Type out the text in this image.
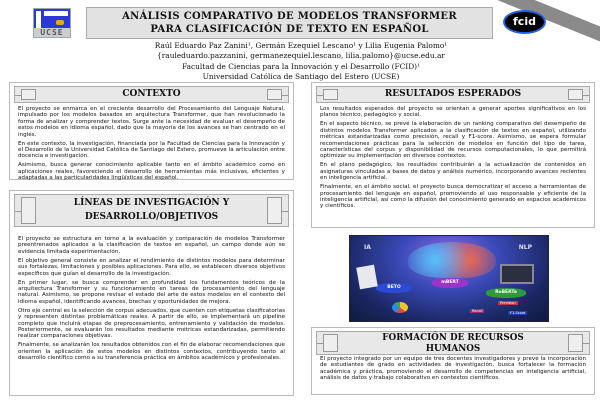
UCSE
ANÁLISIS COMPARATIVO DE MODELOS TRANSFORMER
PARA CLASIFICACIÓN DE TEXTO EN ESPAÑOL
fcid
Raúl Eduardo Paz Zanini¹, Germán Ezequiel Lescano¹ y Lilia Eugenia Palomo¹
{rauleduardo.pazzanini, germanezequiel.lescano, lilia.palomo}@ucse.edu.ar
Facultad de Ciencias para la Innovación y el Desarrollo (FCID)¹
Universidad Católica de Santiago del Estero (UCSE)
CONTEXTO

El proyecto se enmarca en el creciente desarrollo del Procesamiento del Lenguaje Natural, impulsado por los modelos basados en arquitectura Transformer, que han revolucionado la forma de analizar y comprender textos. Surge ante la necesidad de evaluar el desempeño de estos modelos en idioma español, dado que la mayoría de los avances se han centrado en el inglés.

En este contexto, la investigación, financiada por la Facultad de Ciencias para la Innovación y el Desarrollo de la Universidad Católica de Santiago del Estero, promueve la articulación entre docencia e investigación.

Asimismo, busca generar conocimiento aplicable tanto en el ámbito académico como en aplicaciones reales, favoreciendo el desarrollo de herramientas más inclusivas, eficientes y adaptadas a las particularidades lingüísticas del español.

LÍNEAS DE INVESTIGACIÓN Y
DESARROLLO/OBJETIVOS

El proyecto se estructura en torno a la evaluación y comparación de modelos Transformer preentrenados aplicados a la clasificación de textos en español, un campo donde aún se evidencia limitada experimentación.

El objetivo general consiste en analizar el rendimiento de distintos modelos para determinar sus fortalezas, limitaciones y posibles aplicaciones. Para ello, se establecen diversos objetivos específicos que guían el desarrollo de la investigación.

En primer lugar, se busca comprender en profundidad los fundamentos teóricos de la arquitectura Transformer y su funcionamiento en tareas de procesamiento del lenguaje natural. Asimismo, se propone revisar el estado del arte de estos modelos en el contexto del idioma español, identificando avances, brechas y oportunidades de mejora.

Otro eje central es la selección de corpus adecuados, que cuenten con etiquetas clasificatorias y representen distintas problemáticas reales. A partir de ello, se implementará un pipeline completo que incluirá etapas de preprocesamiento, entrenamiento y validación de modelos. Posteriormente, se evaluarán los resultados mediante métricas estandarizadas, permitiendo realizar comparaciones objetivas.

Finalmente, se analizarán los resultados obtenidos con el fin de elaborar recomendaciones que orienten la aplicación de estos modelos en distintos contextos, contribuyendo tanto al desarrollo científico como a su transferencia práctica en ámbitos académicos y profesionales.

RESULTADOS ESPERADOS

Los resultados esperados del proyecto se orientan a generar aportes significativos en los planos técnico, pedagógico y social.

En el aspecto técnico, se prevé la elaboración de un ranking comparativo del desempeño de distintos modelos Transformer aplicados a la clasificación de textos en español, utilizando métricas estandarizadas como precisión, recall y F1-score. Asimismo, se espera formular recomendaciones prácticas para la selección de modelos en función del tipo de tarea, características del corpus y disponibilidad de recursos computacionales, lo que permitirá optimizar su implementación en diversos contextos.

En el plano pedagógico, los resultados contribuirán a la actualización de contenidos en asignaturas vinculadas a bases de datos y análisis numérico, incorporando avances recientes en inteligencia artificial.

Finalmente, en el ámbito social, el proyecto busca democratizar el acceso a herramientas de procesamiento del lenguaje en español, promoviendo el uso responsable y eficiente de la inteligencia artificial, así como la difusión del conocimiento generado en espacios académicos y científicos.

IA	NLP
BETO
mBERT
RoBERTa
Precision
Recall	F1-Score
FORMACIÓN DE RECURSOS
HUMANOS

El proyecto integrado por un equipo de tres docentes investigadores y prevé la incorporación de estudiantes de grado en actividades de investigación, busca fortalecer la formación académica y práctica, promoviendo el desarrollo de competencias en inteligencia artificial, análisis de datos y trabajo colaborativo en contextos científicos.
